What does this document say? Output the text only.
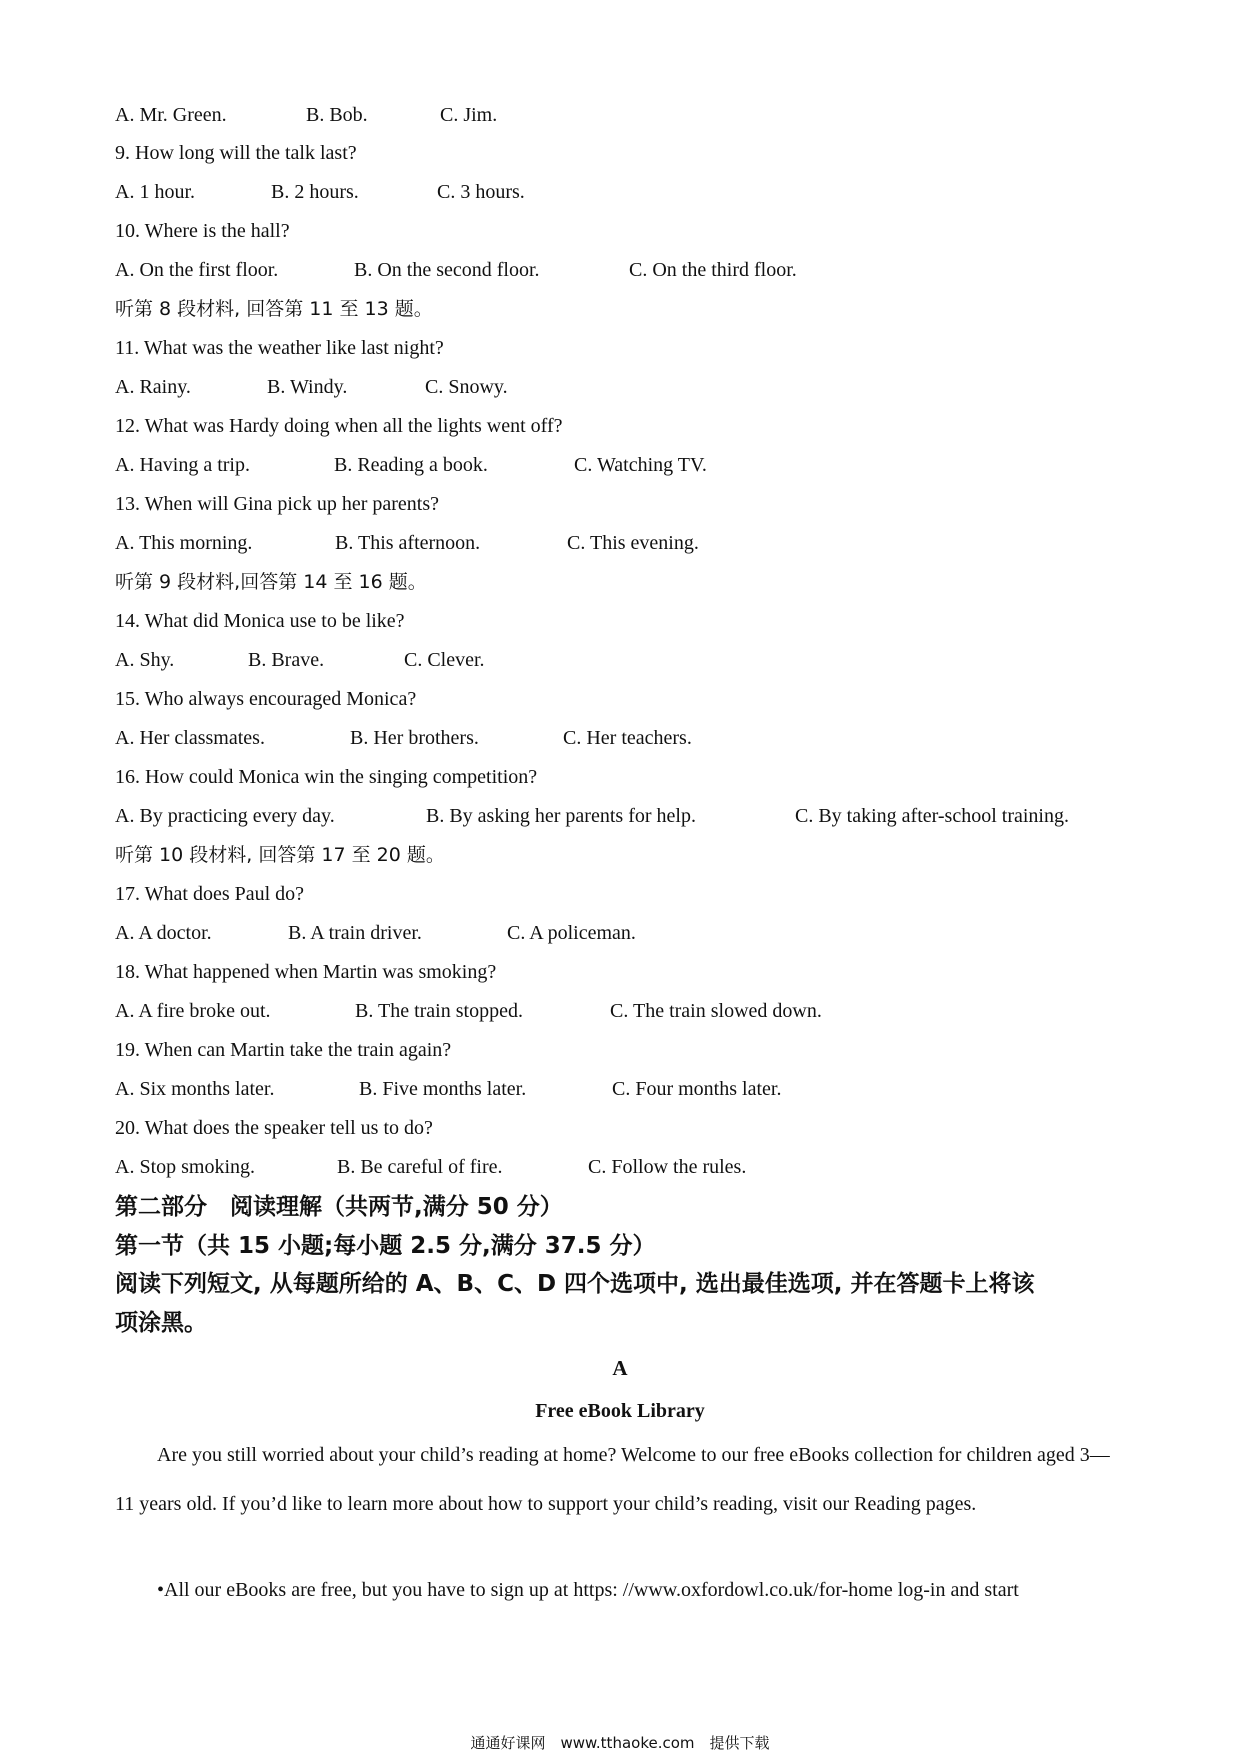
A. Mr. Green.	B. Bob.	C. Jim.
9. How long will the talk last?
A. 1 hour.	B. 2 hours.	C. 3 hours.
10. Where is the hall?
A. On the first floor.	B. On the second floor.	C. On the third floor.
听第 8 段材料, 回答第 11 至 13 题。
11. What was the weather like last night?
A. Rainy.	B. Windy.	C. Snowy.
12. What was Hardy doing when all the lights went off?
A. Having a trip.	B. Reading a book.	C. Watching TV.
13. When will Gina pick up her parents?
A. This morning.	B. This afternoon.	C. This evening.
听第 9 段材料,回答第 14 至 16 题。
14. What did Monica use to be like?
A. Shy.	B. Brave.	C. Clever.
15. Who always encouraged Monica?
A. Her classmates.	B. Her brothers.	C. Her teachers.
16. How could Monica win the singing competition?
A. By practicing every day.	B. By asking her parents for help.	C. By taking after-school training.
听第 10 段材料, 回答第 17 至 20 题。
17. What does Paul do?
A. A doctor.	B. A train driver.	C. A policeman.
18. What happened when Martin was smoking?
A. A fire broke out.	B. The train stopped.	C. The train slowed down.
19. When can Martin take the train again?
A. Six months later.	B. Five months later.	C. Four months later.
20. What does the speaker tell us to do?
A. Stop smoking.	B. Be careful of fire.	C. Follow the rules.
第二部分　阅读理解（共两节,满分 50 分）
第一节（共 15 小题;每小题 2.5 分,满分 37.5 分）
阅读下列短文, 从每题所给的 A、B、C、D 四个选项中, 选出最佳选项, 并在答题卡上将该
项涂黑。
A
Free eBook Library
Are you still worried about your child’s reading at home? Welcome to our free eBooks collection for children aged 3—11 years old. If you’d like to learn more about how to support your child’s reading, visit our Reading pages.
•All our eBooks are free, but you have to sign up at https: //www.oxfordowl.co.uk/for-home log-in and start
通通好课网　www.tthaoke.com　提供下载
